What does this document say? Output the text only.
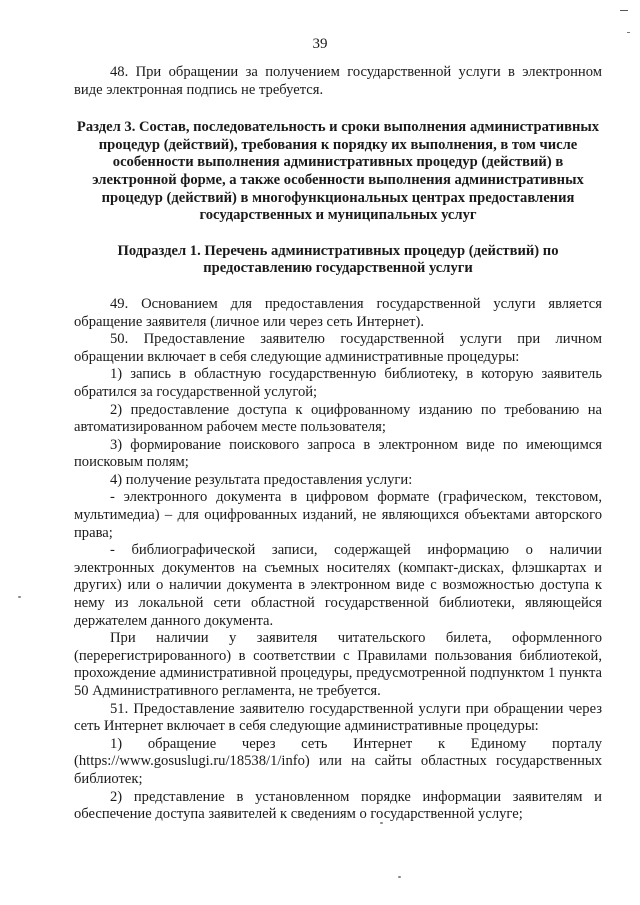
39

48. При обращении за получением государственной услуги в электронном виде электронная подпись не требуется.

Раздел 3. Состав, последовательность и сроки выполнения административных процедур (действий), требования к порядку их выполнения, в том числе особенности выполнения административных процедур (действий) в электронной форме, а также особенности выполнения административных процедур (действий) в многофункциональных центрах предоставления государственных и муниципальных услуг

Подраздел 1. Перечень административных процедур (действий) по предоставлению государственной услуги

49. Основанием для предоставления государственной услуги является обращение заявителя (личное или через сеть Интернет).

50. Предоставление заявителю государственной услуги при личном обращении включает в себя следующие административные процедуры:

1) запись в областную государственную библиотеку, в которую заявитель обратился за государственной услугой;

2) предоставление доступа к оцифрованному изданию по требованию на автоматизированном рабочем месте пользователя;

3) формирование поискового запроса в электронном виде по имеющимся поисковым полям;

4) получение результата предоставления услуги:

- электронного документа в цифровом формате (графическом, текстовом, мультимедиа) – для оцифрованных изданий, не являющихся объектами авторского права;

- библиографической записи, содержащей информацию о наличии электронных документов на съемных носителях (компакт-дисках, флэшкартах и других) или о наличии документа в электронном виде с возможностью доступа к нему из локальной сети областной государственной библиотеки, являющейся держателем данного документа.

При наличии у заявителя читательского билета, оформленного (перерегистрированного) в соответствии с Правилами пользования библиотекой, прохождение административной процедуры, предусмотренной подпунктом 1 пункта 50 Административного регламента, не требуется.

51. Предоставление заявителю государственной услуги при обращении через сеть Интернет включает в себя следующие административные процедуры:

1) обращение через сеть Интернет к Единому порталу (https://www.gosuslugi.ru/18538/1/info) или на сайты областных государственных библиотек;

2) представление в установленном порядке информации заявителям и обеспечение доступа заявителей к сведениям о государственной услуге;
